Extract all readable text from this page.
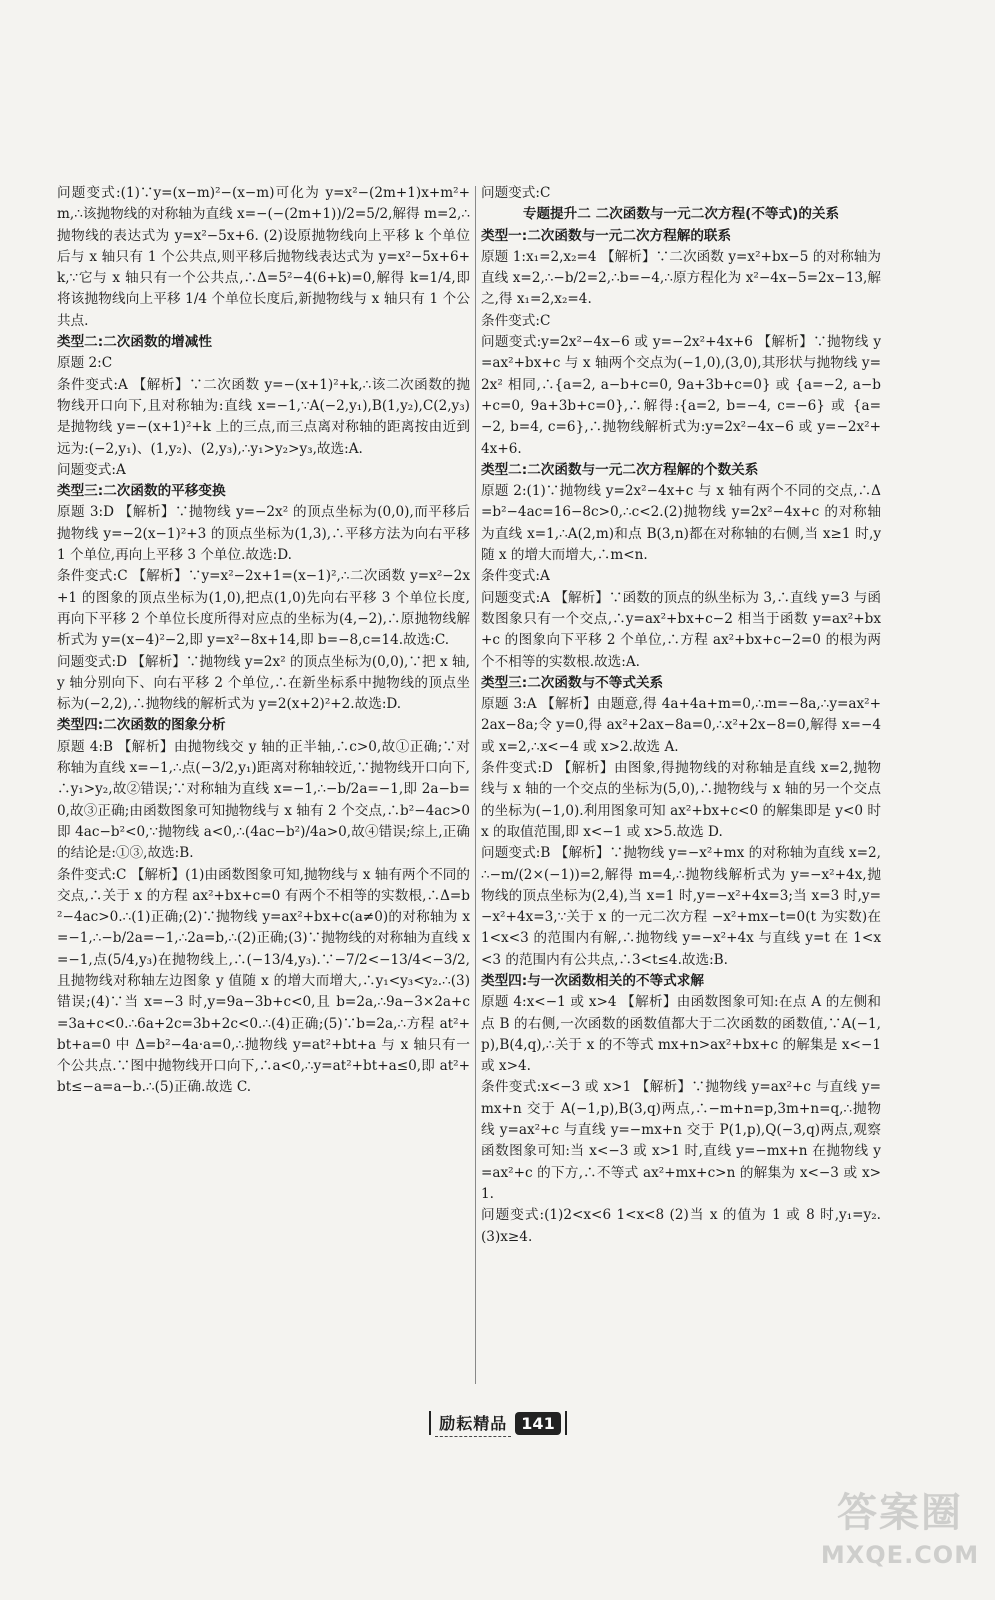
问题变式:(1)∵y=(x−m)²−(x−m)可化为 y=x²−(2m+1)x+m²+m,∴该抛物线的对称轴为直线 x=−(−(2m+1))/2=5/2,解得 m=2,∴抛物线的表达式为 y=x²−5x+6. (2)设原抛物线向上平移 k 个单位后与 x 轴只有 1 个公共点,则平移后抛物线表达式为 y=x²−5x+6+k,∵它与 x 轴只有一个公共点,∴Δ=5²−4(6+k)=0,解得 k=1/4,即将该抛物线向上平移 1/4 个单位长度后,新抛物线与 x 轴只有 1 个公共点.

类型二:二次函数的增减性

原题 2:C

条件变式:A 【解析】∵二次函数 y=−(x+1)²+k,∴该二次函数的抛物线开口向下,且对称轴为:直线 x=−1,∵A(−2,y₁),B(1,y₂),C(2,y₃)是抛物线 y=−(x+1)²+k 上的三点,而三点离对称轴的距离按由近到远为:(−2,y₁)、(1,y₂)、(2,y₃),∴y₁>y₂>y₃,故选:A.

问题变式:A

类型三:二次函数的平移变换

原题 3:D 【解析】∵抛物线 y=−2x² 的顶点坐标为(0,0),而平移后抛物线 y=−2(x−1)²+3 的顶点坐标为(1,3),∴平移方法为向右平移 1 个单位,再向上平移 3 个单位.故选:D.

条件变式:C 【解析】∵y=x²−2x+1=(x−1)²,∴二次函数 y=x²−2x+1 的图象的顶点坐标为(1,0),把点(1,0)先向右平移 3 个单位长度,再向下平移 2 个单位长度所得对应点的坐标为(4,−2),∴原抛物线解析式为 y=(x−4)²−2,即 y=x²−8x+14,即 b=−8,c=14.故选:C.

问题变式:D 【解析】∵抛物线 y=2x² 的顶点坐标为(0,0),∵把 x 轴,y 轴分别向下、向右平移 2 个单位,∴在新坐标系中抛物线的顶点坐标为(−2,2),∴抛物线的解析式为 y=2(x+2)²+2.故选:D.

类型四:二次函数的图象分析

原题 4:B 【解析】由抛物线交 y 轴的正半轴,∴c>0,故①正确;∵对称轴为直线 x=−1,∴点(−3/2,y₁)距离对称轴较近,∵抛物线开口向下,∴y₁>y₂,故②错误;∵对称轴为直线 x=−1,∴−b/2a=−1,即 2a−b=0,故③正确;由函数图象可知抛物线与 x 轴有 2 个交点,∴b²−4ac>0 即 4ac−b²<0,∵抛物线 a<0,∴(4ac−b²)/4a>0,故④错误;综上,正确的结论是:①③,故选:B.

条件变式:C 【解析】(1)由函数图象可知,抛物线与 x 轴有两个不同的交点,∴关于 x 的方程 ax²+bx+c=0 有两个不相等的实数根,∴Δ=b²−4ac>0.∴(1)正确;(2)∵抛物线 y=ax²+bx+c(a≠0)的对称轴为 x=−1,∴−b/2a=−1,∴2a=b,∴(2)正确;(3)∵抛物线的对称轴为直线 x=−1,点(5/4,y₃)在抛物线上,∴(−13/4,y₃).∵−7/2<−13/4<−3/2,且抛物线对称轴左边图象 y 值随 x 的增大而增大,∴y₁<y₃<y₂.∴(3)错误;(4)∵当 x=−3 时,y=9a−3b+c<0,且 b=2a,∴9a−3×2a+c=3a+c<0.∴6a+2c=3b+2c<0.∴(4)正确;(5)∵b=2a,∴方程 at²+bt+a=0 中 Δ=b²−4a·a=0,∴抛物线 y=at²+bt+a 与 x 轴只有一个公共点.∵图中抛物线开口向下,∴a<0,∴y=at²+bt+a≤0,即 at²+bt≤−a=a−b.∴(5)正确.故选 C.

问题变式:C

专题提升二 二次函数与一元二次方程(不等式)的关系

类型一:二次函数与一元二次方程解的联系

原题 1:x₁=2,x₂=4 【解析】∵二次函数 y=x²+bx−5 的对称轴为直线 x=2,∴−b/2=2,∴b=−4,∴原方程化为 x²−4x−5=2x−13,解之,得 x₁=2,x₂=4.

条件变式:C

问题变式:y=2x²−4x−6 或 y=−2x²+4x+6 【解析】∵抛物线 y=ax²+bx+c 与 x 轴两个交点为(−1,0),(3,0),其形状与抛物线 y=2x² 相同,∴{a=2, a−b+c=0, 9a+3b+c=0} 或 {a=−2, a−b+c=0, 9a+3b+c=0},∴解得:{a=2, b=−4, c=−6} 或 {a=−2, b=4, c=6},∴抛物线解析式为:y=2x²−4x−6 或 y=−2x²+4x+6.

类型二:二次函数与一元二次方程解的个数关系

原题 2:(1)∵抛物线 y=2x²−4x+c 与 x 轴有两个不同的交点,∴Δ=b²−4ac=16−8c>0,∴c<2.(2)抛物线 y=2x²−4x+c 的对称轴为直线 x=1,∴A(2,m)和点 B(3,n)都在对称轴的右侧,当 x≥1 时,y 随 x 的增大而增大,∴m<n.

条件变式:A

问题变式:A 【解析】∵函数的顶点的纵坐标为 3,∴直线 y=3 与函数图象只有一个交点,∴y=ax²+bx+c−2 相当于函数 y=ax²+bx+c 的图象向下平移 2 个单位,∴方程 ax²+bx+c−2=0 的根为两个不相等的实数根.故选:A.

类型三:二次函数与不等式关系

原题 3:A 【解析】由题意,得 4a+4a+m=0,∴m=−8a,∴y=ax²+2ax−8a;令 y=0,得 ax²+2ax−8a=0,∴x²+2x−8=0,解得 x=−4 或 x=2,∴x<−4 或 x>2.故选 A.

条件变式:D 【解析】由图象,得抛物线的对称轴是直线 x=2,抛物线与 x 轴的一个交点的坐标为(5,0),∴抛物线与 x 轴的另一个交点的坐标为(−1,0).利用图象可知 ax²+bx+c<0 的解集即是 y<0 时 x 的取值范围,即 x<−1 或 x>5.故选 D.

问题变式:B 【解析】∵抛物线 y=−x²+mx 的对称轴为直线 x=2,∴−m/(2×(−1))=2,解得 m=4,∴抛物线解析式为 y=−x²+4x,抛物线的顶点坐标为(2,4),当 x=1 时,y=−x²+4x=3;当 x=3 时,y=−x²+4x=3,∵关于 x 的一元二次方程 −x²+mx−t=0(t 为实数)在 1<x<3 的范围内有解,∴抛物线 y=−x²+4x 与直线 y=t 在 1<x<3 的范围内有公共点,∴3<t≤4.故选:B.

类型四:与一次函数相关的不等式求解

原题 4:x<−1 或 x>4 【解析】由函数图象可知:在点 A 的左侧和点 B 的右侧,一次函数的函数值都大于二次函数的函数值,∵A(−1,p),B(4,q),∴关于 x 的不等式 mx+n>ax²+bx+c 的解集是 x<−1 或 x>4.

条件变式:x<−3 或 x>1 【解析】∵抛物线 y=ax²+c 与直线 y=mx+n 交于 A(−1,p),B(3,q)两点,∴−m+n=p,3m+n=q,∴抛物线 y=ax²+c 与直线 y=−mx+n 交于 P(1,p),Q(−3,q)两点,观察函数图象可知:当 x<−3 或 x>1 时,直线 y=−mx+n 在抛物线 y=ax²+c 的下方,∴不等式 ax²+mx+c>n 的解集为 x<−3 或 x>1.

问题变式:(1)2<x<6 1<x<8 (2)当 x 的值为 1 或 8 时,y₁=y₂. (3)x≥4.

励耘精品 141
答案圈
MXQE.COM
